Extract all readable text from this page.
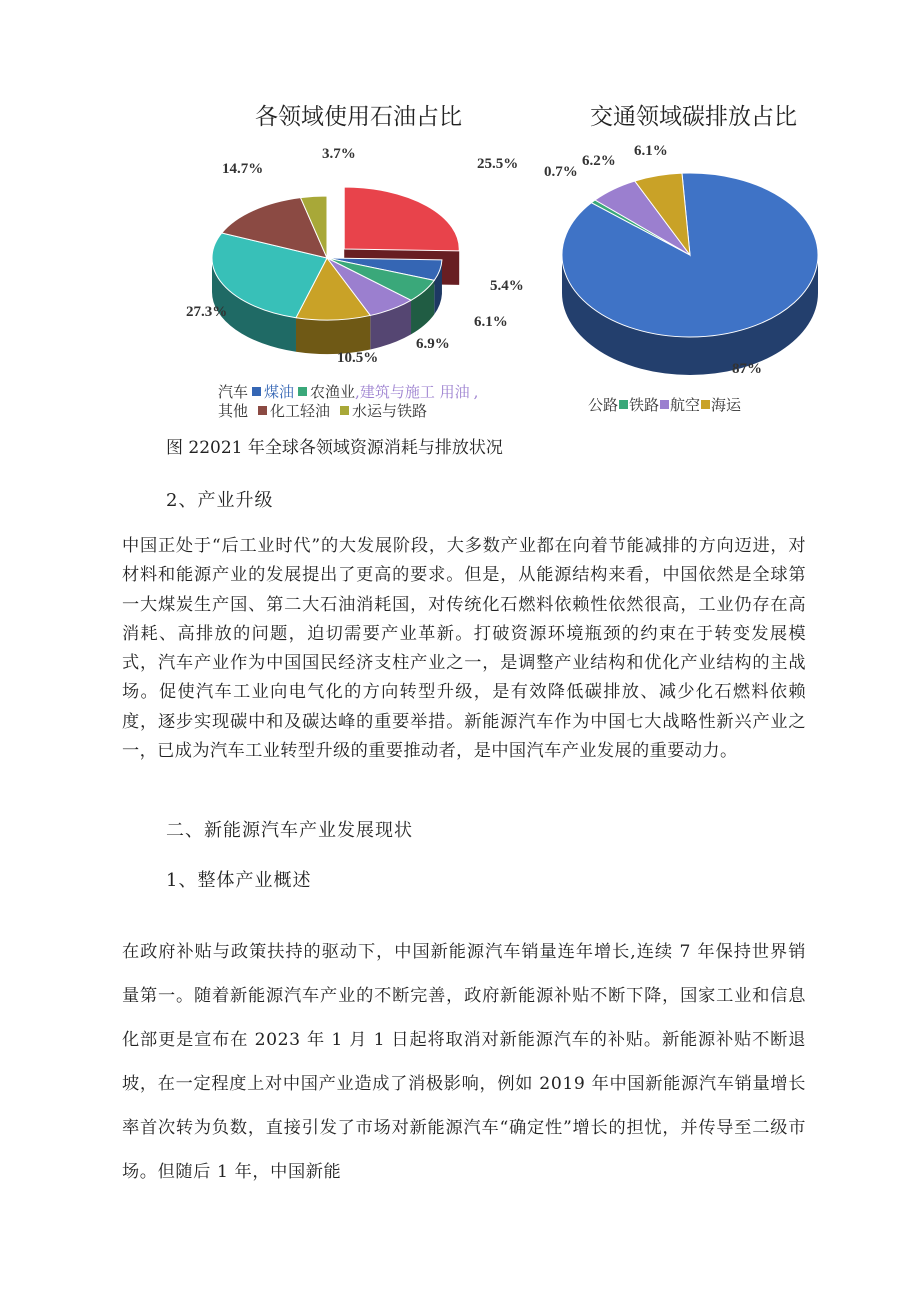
各领域使用石油占比	交通领域碳排放占比
25.5%
5.4%
6.1%
6.9%
10.5%
27.3%
14.7%
3.7%
87%
0.7%
6.2%
6.1%
汽车 煤油 农渔业,建筑与施工 用油 ,
其他 化工轻油 水运与铁路	公路 铁路 航空 海运
图 22021 年全球各领域资源消耗与排放状况
2、产业升级

中国正处于“后工业时代”的大发展阶段，大多数产业都在向着节能减排的方向迈进，对材料和能源产业的发展提出了更高的要求。但是，从能源结构来看，中国依然是全球第一大煤炭生产国、第二大石油消耗国，对传统化石燃料依赖性依然很高，工业仍存在高消耗、高排放的问题，迫切需要产业革新。打破资源环境瓶颈的约束在于转变发展模式，汽车产业作为中国国民经济支柱产业之一，是调整产业结构和优化产业结构的主战场。促使汽车工业向电气化的方向转型升级，是有效降低碳排放、减少化石燃料依赖度，逐步实现碳中和及碳达峰的重要举措。新能源汽车作为中国七大战略性新兴产业之一，已成为汽车工业转型升级的重要推动者，是中国汽车产业发展的重要动力。

二、新能源汽车产业发展现状
1、整体产业概述

在政府补贴与政策扶持的驱动下，中国新能源汽车销量连年增长,连续 7 年保持世界销量第一。随着新能源汽车产业的不断完善，政府新能源补贴不断下降，国家工业和信息化部更是宣布在 2023 年 1 月 1 日起将取消对新能源汽车的补贴。新能源补贴不断退坡，在一定程度上对中国产业造成了消极影响，例如 2019 年中国新能源汽车销量增长率首次转为负数，直接引发了市场对新能源汽车“确定性”增长的担忧，并传导至二级市场。但随后 1 年，中国新能
